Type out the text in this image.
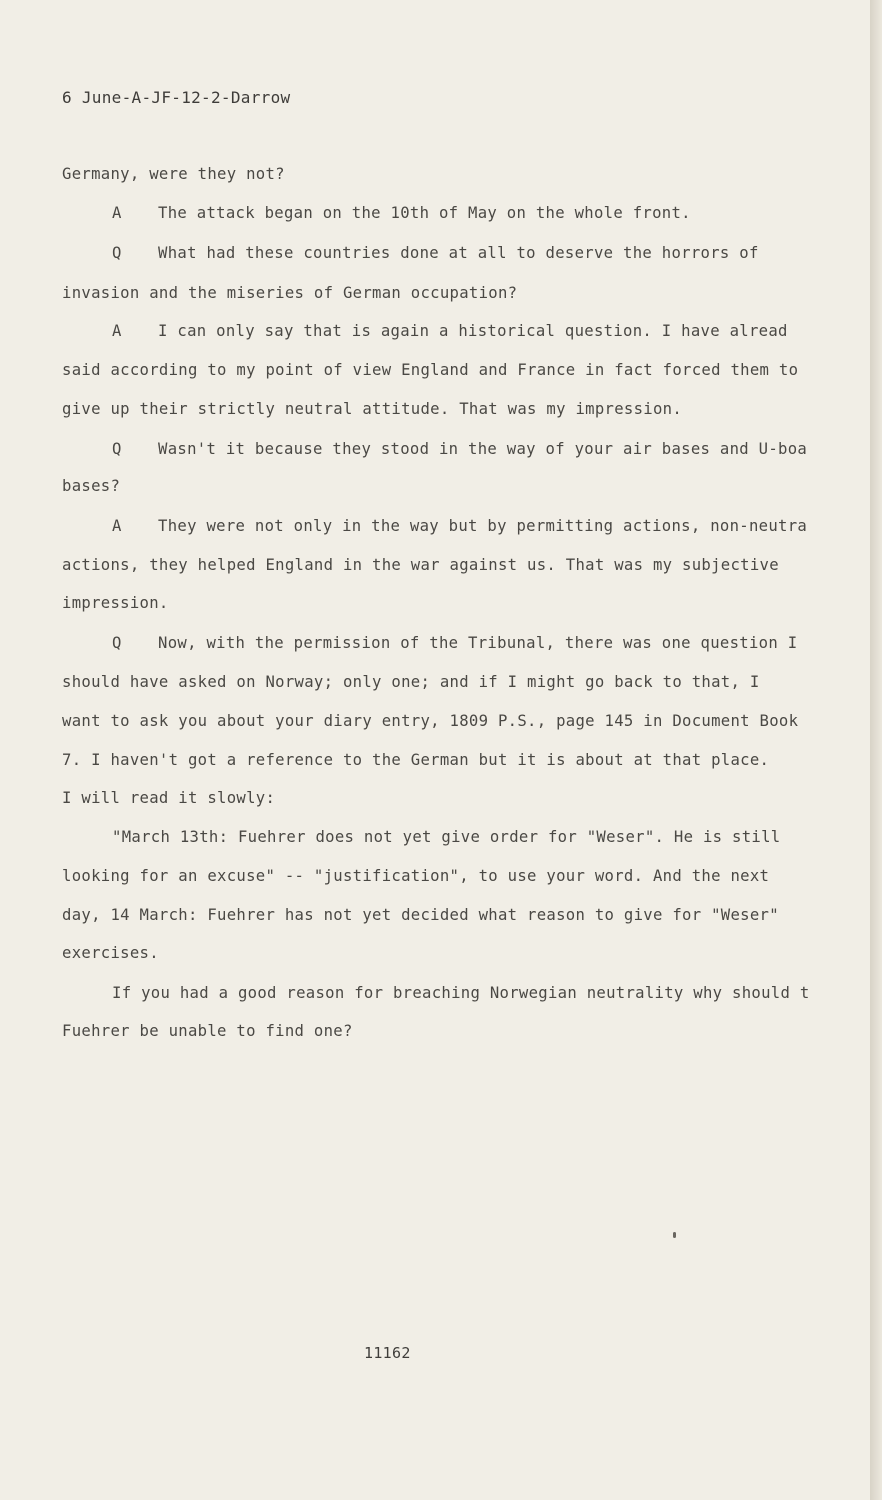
6 June-A-JF-12-2-Darrow
Germany, were they not?
A The attack began on the 10th of May on the whole front.
Q What had these countries done at all to deserve the horrors of
invasion and the miseries of German occupation?
A I can only say that is again a historical question. I have alread
said according to my point of view England and France in fact forced them to
give up their strictly neutral attitude. That was my impression.
Q Wasn't it because they stood in the way of your air bases and U-boa
bases?
A They were not only in the way but by permitting actions, non-neutra
actions, they helped England in the war against us. That was my subjective
impression.
Q Now, with the permission of the Tribunal, there was one question I
should have asked on Norway; only one; and if I might go back to that, I
want to ask you about your diary entry, 1809 P.S., page 145 in Document Book
7. I haven't got a reference to the German but it is about at that place.
I will read it slowly:
"March 13th: Fuehrer does not yet give order for "Weser". He is still
looking for an excuse" -- "justification", to use your word. And the next
day, 14 March: Fuehrer has not yet decided what reason to give for "Weser"
exercises.
If you had a good reason for breaching Norwegian neutrality why should t
Fuehrer be unable to find one?
11162
